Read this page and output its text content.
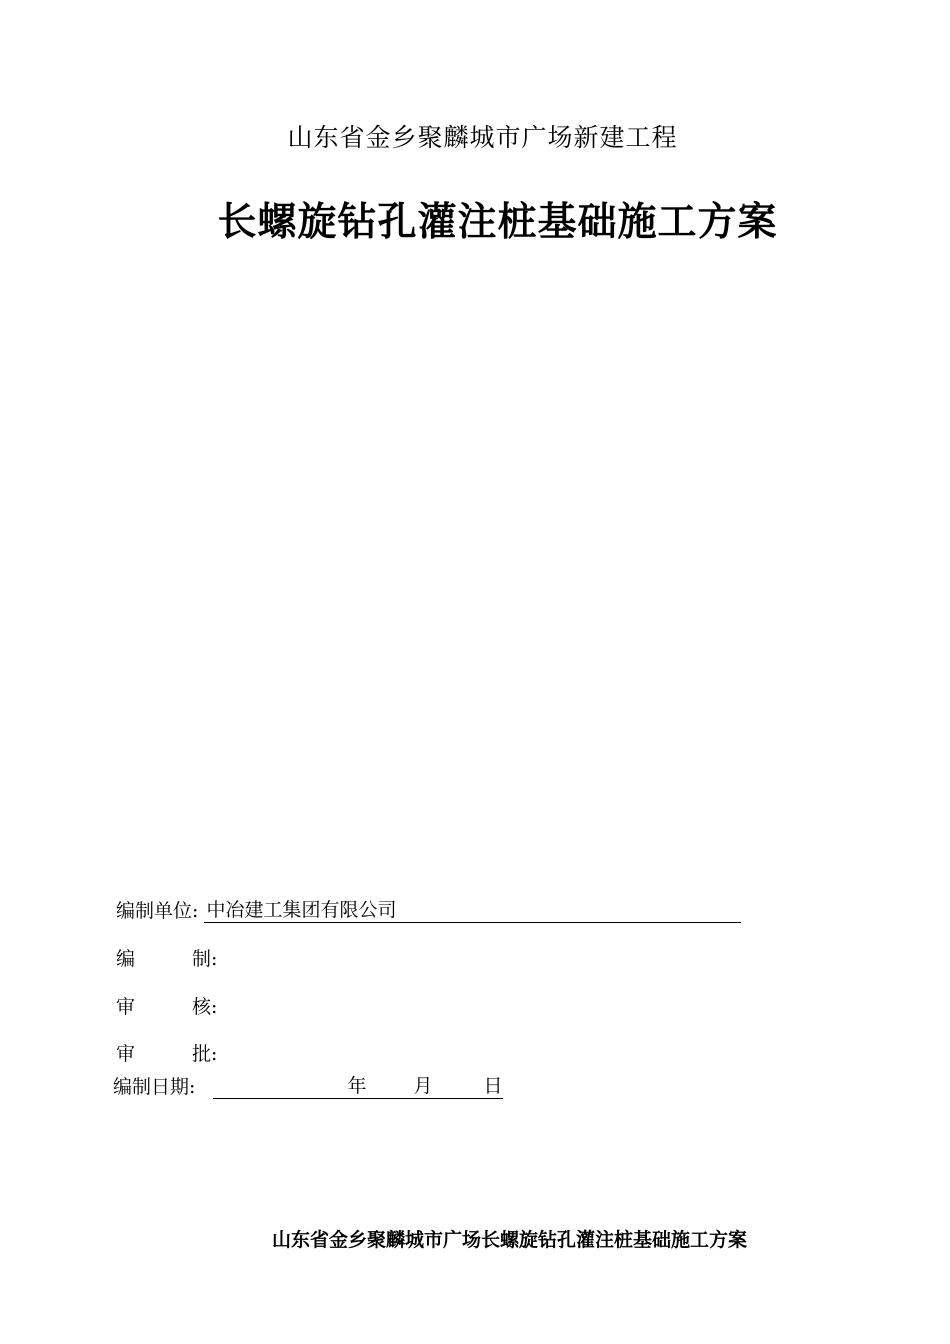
山东省金乡聚麟城市广场新建工程
长螺旋钻孔灌注桩基础施工方案
编制单位: 中冶建工集团有限公司
编　　制:
审　　核:
审　　批:
编制日期:	年 月	日
山东省金乡聚麟城市广场长螺旋钻孔灌注桩基础施工方案
